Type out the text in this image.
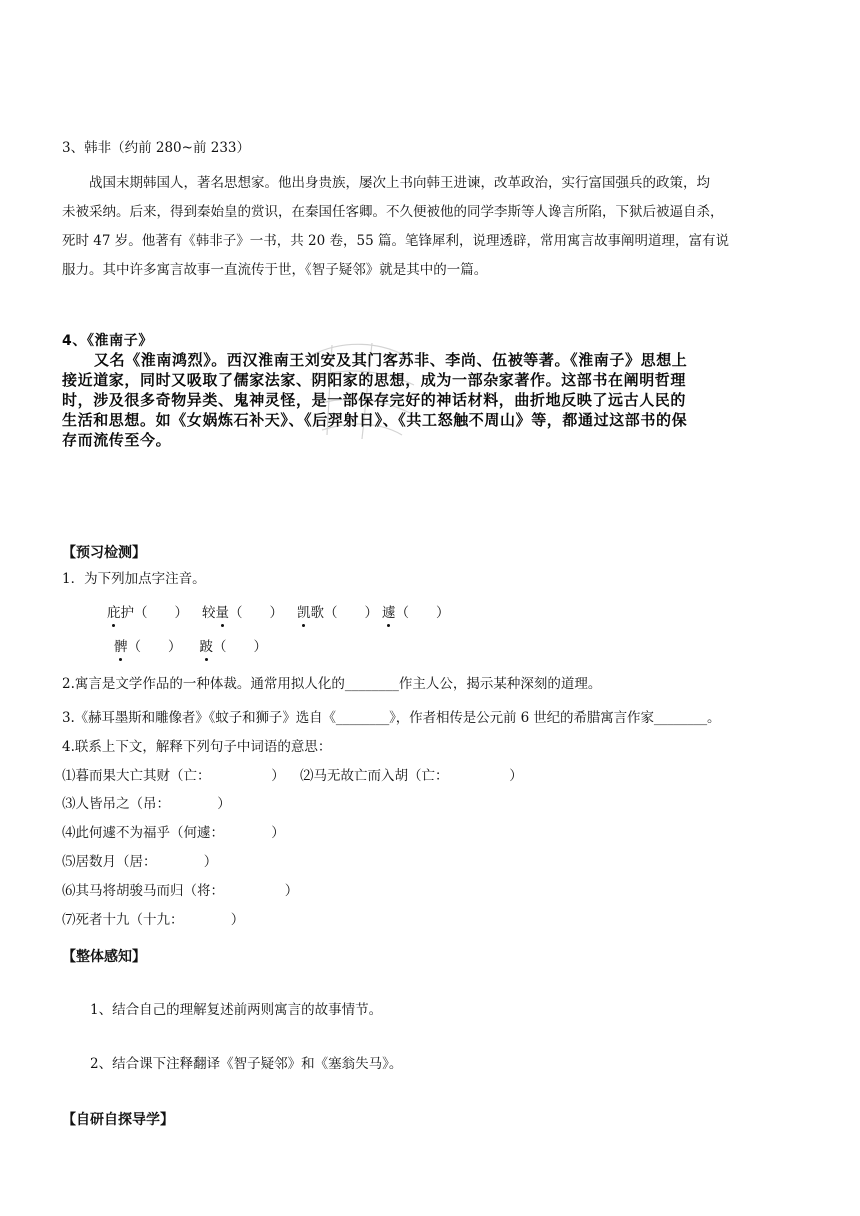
3、韩非（约前 280~前 233）
战国末期韩国人，著名思想家。他出身贵族，屡次上书向韩王进谏，改革政治，实行富国强兵的政策，均
未被采纳。后来，得到秦始皇的赏识，在秦国任客卿。不久便被他的同学李斯等人谗言所陷，下狱后被逼自杀，
死时 47 岁。他著有《韩非子》一书，共 20 卷，55 篇。笔锋犀利，说理透辟，常用寓言故事阐明道理，富有说
服力。其中许多寓言故事一直流传于世，《智子疑邻》就是其中的一篇。
4、《淮南子》
又名《淮南鸿烈》。西汉淮南王刘安及其门客苏非、李尚、伍被等著。《淮南子》思想上
接近道家，同时又吸取了儒家法家、阴阳家的思想，成为一部杂家著作。这部书在阐明哲理
时，涉及很多奇物异类、鬼神灵怪，是一部保存完好的神话材料，曲折地反映了远古人民的
生活和思想。如《女娲炼石补天》、《后羿射日》、《共工怒触不周山》等，都通过这部书的保
存而流传至今。
【预习检测】
1．为下列加点字注音。
庇护（　　） 较量（　　） 凯歌（　　） 遽（　　）
髀（　　） 跛（　　）
2.寓言是文学作品的一种体裁。通常用拟人化的________作主人公，揭示某种深刻的道理。
3.《赫耳墨斯和雕像者》《蚊子和狮子》选自《________》，作者相传是公元前 6 世纪的希腊寓言作家________。
4.联系上下文，解释下列句子中词语的意思：
⑴暮而果大亡其财（亡：　　　　　） ⑵马无故亡而入胡（亡：　　　　　）
⑶人皆吊之（吊：　　　　）
⑷此何遽不为福乎（何遽：　　　　）
⑸居数月（居：　　　　）
⑹其马将胡骏马而归（将：　　　　　）
⑺死者十九（十九：　　　　）
【整体感知】
1、结合自己的理解复述前两则寓言的故事情节。
2、结合课下注释翻译《智子疑邻》和《塞翁失马》。
【自研自探导学】
